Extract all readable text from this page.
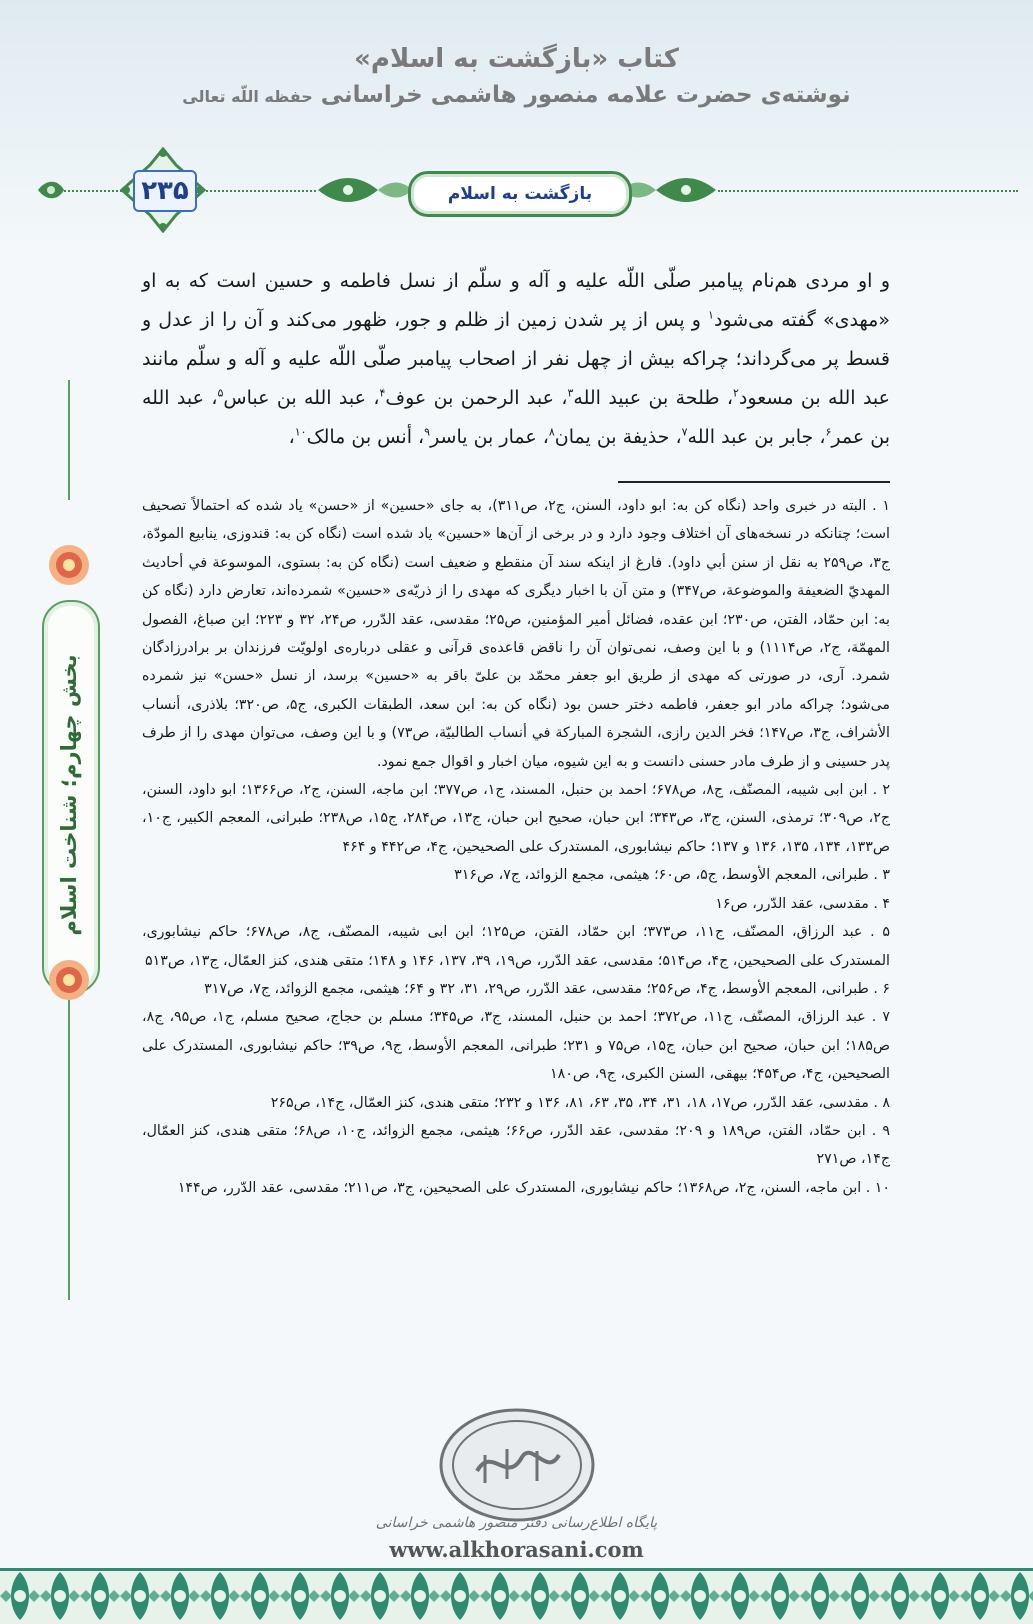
کتاب «بازگشت به اسلام»
نوشته‌ی حضرت علامه منصور هاشمی خراسانی حفظه اللّه تعالی
۲۳۵	بازگشت به اسلام
بخش چهارم؛ شناخت اسلام
و او مردی هم‌نام پیامبر صلّی اللّه علیه و آله و سلّم از نسل فاطمه و حسین است که به او «مهدی» گفته می‌شود$^۱$ و پس از پر شدن زمین از ظلم و جور، ظهور می‌کند و آن را از عدل و قسط پر می‌گرداند؛ چراکه بیش از چهل نفر از اصحاب پیامبر صلّی اللّه علیه و آله و سلّم مانند عبد الله بن مسعود$^۲$، طلحة بن عبید الله$^۳$، عبد الرحمن بن عوف$^۴$، عبد الله بن عباس$^۵$، عبد الله بن عمر$^۶$، جابر بن عبد الله$^۷$، حذیفة بن یمان$^۸$، عمار بن یاسر$^۹$، أنس بن مالک$^{۱۰}$،

۱ . البته در خبری واحد (نگاه کن به: ابو داود، السنن، ج۲، ص۳۱۱)، به جای «حسین» از «حسن» یاد شده که احتمالاً تصحیف است؛ چنانکه در نسخه‌های آن اختلاف وجود دارد و در برخی از آن‌ها «حسین» یاد شده است (نگاه کن به: قندوزی، ینابیع المودّة، ج۳، ص۲۵۹ به نقل از سنن أبي داود). فارغ از اینکه سند آن منقطع و ضعیف است (نگاه کن به: بستوی، الموسوعة في أحاديث المهديّ الضعيفة والموضوعة، ص۳۴۷) و متن آن با اخبار دیگری که مهدی را از ذریّه‌ی «حسین» شمرده‌اند، تعارض دارد (نگاه کن به: ابن حمّاد، الفتن، ص۲۳۰؛ ابن عقده، فضائل أمير المؤمنين، ص۲۵؛ مقدسی، عقد الدّرر، ص۲۴، ۳۲ و ۲۲۳؛ ابن صباغ، الفصول المهمّة، ج۲، ص۱۱۱۴) و با این وصف، نمی‌توان آن را ناقض قاعده‌ی قرآنی و عقلی درباره‌ی اولویّت فرزندان بر برادرزادگان شمرد. آری، در صورتی که مهدی از طریق ابو جعفر محمّد بن علیّ باقر به «حسین» برسد، از نسل «حسن» نیز شمرده می‌شود؛ چراکه مادر ابو جعفر، فاطمه دختر حسن بود (نگاه کن به: ابن سعد، الطبقات الکبری، ج۵، ص۳۲۰؛ بلاذری، أنساب الأشراف، ج۳، ص۱۴۷؛ فخر الدين رازی، الشجرة المباركة في أنساب الطالبيّة، ص۷۳) و با این وصف، می‌توان مهدی را از طرف پدر حسینی و از طرف مادر حسنی دانست و به این شیوه، میان اخبار و اقوال جمع نمود.

۲ . ابن ابی شیبه، المصنّف، ج۸، ص۶۷۸؛ احمد بن حنبل، المسند، ج۱، ص۳۷۷؛ ابن ماجه، السنن، ج۲، ص۱۳۶۶؛ ابو داود، السنن، ج۲، ص۳۰۹؛ ترمذی، السنن، ج۳، ص۳۴۳؛ ابن حبان، صحیح ابن حبان، ج۱۳، ص۲۸۴، ج۱۵، ص۲۳۸؛ طبرانی، المعجم الکبیر، ج۱۰، ص۱۳۳، ۱۳۴، ۱۳۵، ۱۳۶ و ۱۳۷؛ حاکم نیشابوری، المستدرک علی الصحیحین، ج۴، ص۴۴۲ و ۴۶۴

۳ . طبرانی، المعجم الأوسط، ج۵، ص۶۰؛ هیثمی، مجمع الزوائد، ج۷، ص۳۱۶

۴ . مقدسی، عقد الدّرر، ص۱۶

۵ . عبد الرزاق، المصنّف، ج۱۱، ص۳۷۳؛ ابن حمّاد، الفتن، ص۱۲۵؛ ابن ابی شیبه، المصنّف، ج۸، ص۶۷۸؛ حاکم نیشابوری، المستدرک علی الصحیحین، ج۴، ص۵۱۴؛ مقدسی، عقد الدّرر، ص۱۹، ۳۹، ۱۳۷، ۱۴۶ و ۱۴۸؛ متقی هندی، کنز العمّال، ج۱۳، ص۵۱۳

۶ . طبرانی، المعجم الأوسط، ج۴، ص۲۵۶؛ مقدسی، عقد الدّرر، ص۲۹، ۳۱، ۳۲ و ۶۴؛ هیثمی، مجمع الزوائد، ج۷، ص۳۱۷

۷ . عبد الرزاق، المصنّف، ج۱۱، ص۳۷۲؛ احمد بن حنبل، المسند، ج۳، ص۳۴۵؛ مسلم بن حجاج، صحیح مسلم، ج۱، ص۹۵، ج۸، ص۱۸۵؛ ابن حبان، صحیح ابن حبان، ج۱۵، ص۷۵ و ۲۳۱؛ طبرانی، المعجم الأوسط، ج۹، ص۳۹؛ حاکم نیشابوری، المستدرک علی الصحیحین، ج۴، ص۴۵۴؛ بیهقی، السنن الکبری، ج۹، ص۱۸۰

۸ . مقدسی، عقد الدّرر، ص۱۷، ۱۸، ۳۱، ۳۴، ۳۵، ۶۳، ۸۱، ۱۳۶ و ۲۳۲؛ متقی هندی، کنز العمّال، ج۱۴، ص۲۶۵

۹ . ابن حمّاد، الفتن، ص۱۸۹ و ۲۰۹؛ مقدسی، عقد الدّرر، ص۶۶؛ هیثمی، مجمع الزوائد، ج۱۰، ص۶۸؛ متقی هندی، کنز العمّال، ج۱۴، ص۲۷۱

۱۰ . ابن ماجه، السنن، ج۲، ص۱۳۶۸؛ حاکم نیشابوری، المستدرک علی الصحیحین، ج۳، ص۲۱۱؛ مقدسی، عقد الدّرر، ص۱۴۴

پایگاه اطلاع‌رسانی دفتر منصور هاشمی خراسانی
www.alkhorasani.com
